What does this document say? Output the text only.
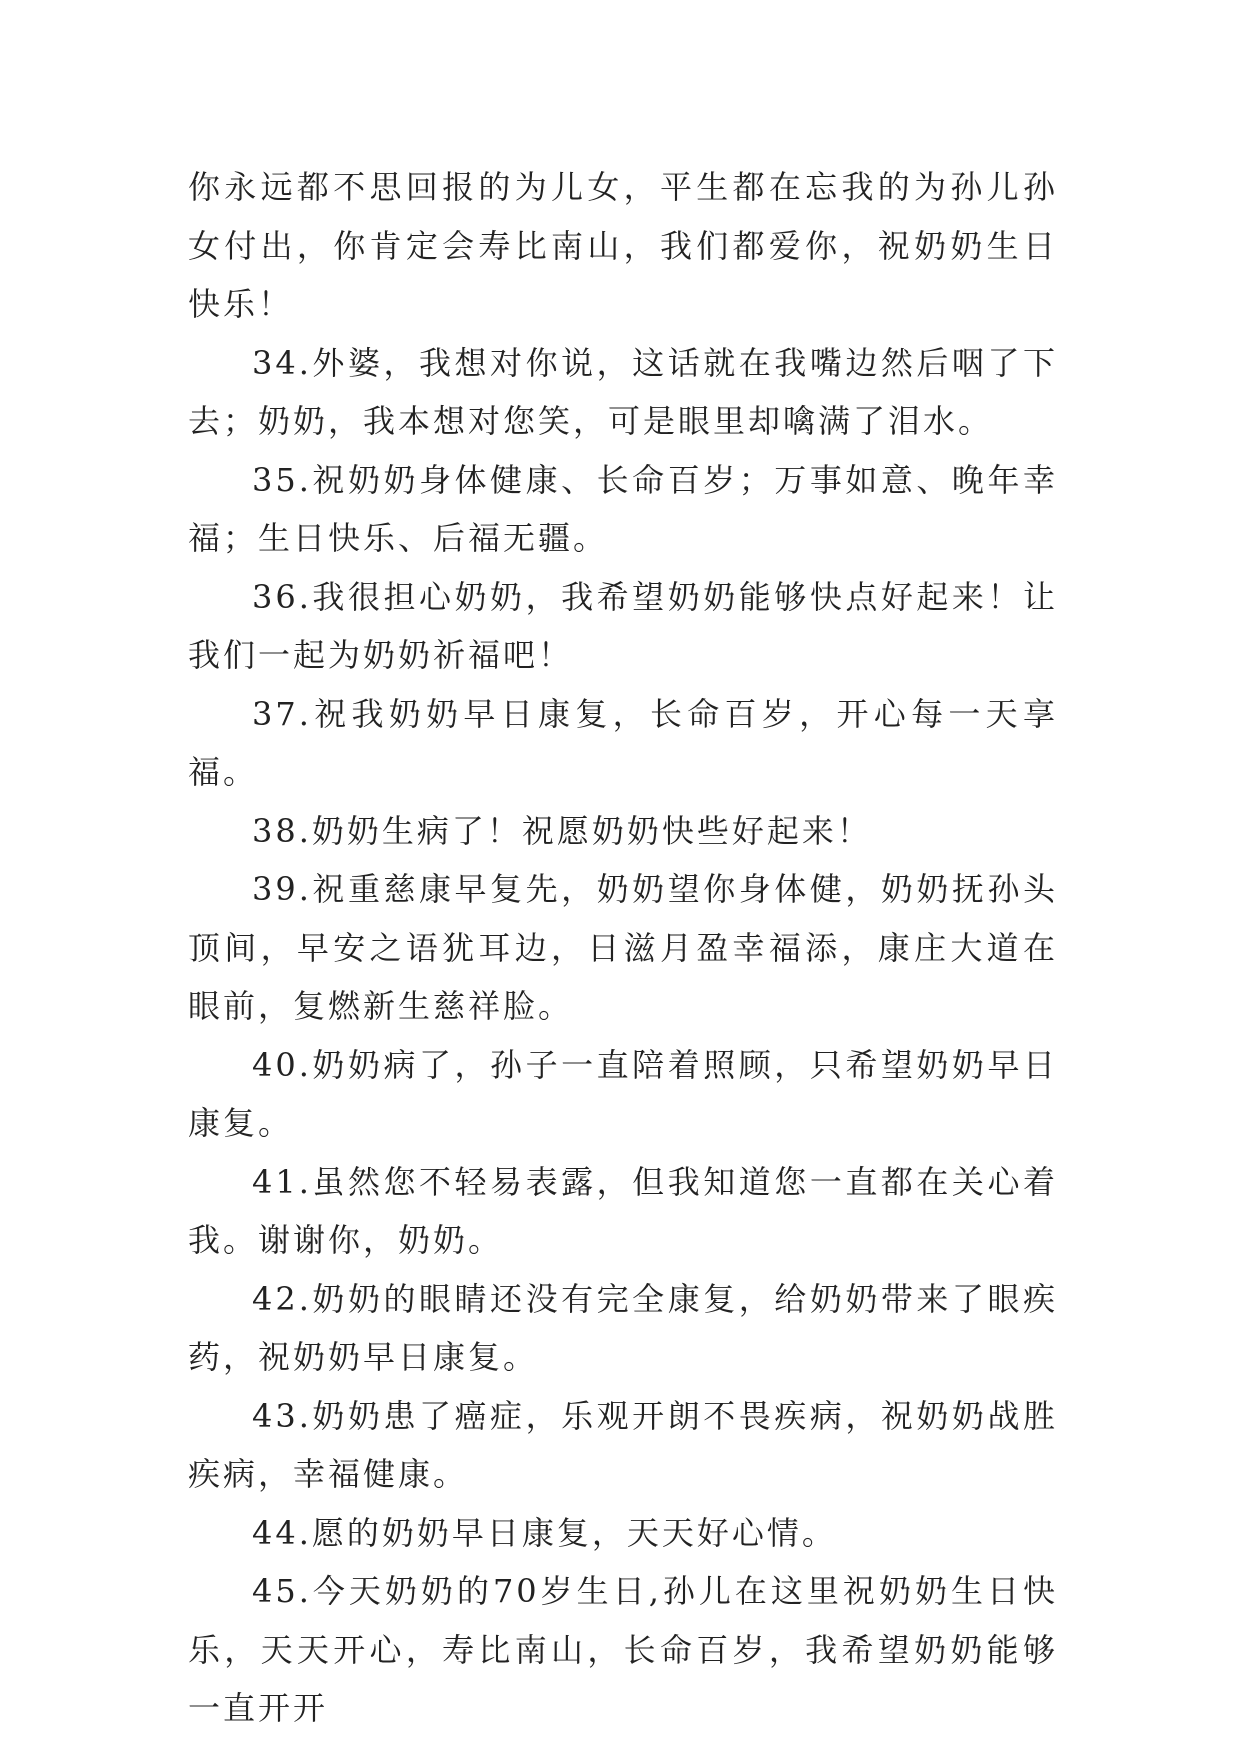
你永远都不思回报的为儿女，平生都在忘我的为孙儿孙女付出，你肯定会寿比南山，我们都爱你，祝奶奶生日快乐！

34.外婆，我想对你说，这话就在我嘴边然后咽了下去；奶奶，我本想对您笑，可是眼里却噙满了泪水。

35.祝奶奶身体健康、长命百岁；万事如意、晚年幸福；生日快乐、后福无疆。

36.我很担心奶奶，我希望奶奶能够快点好起来！让我们一起为奶奶祈福吧！

37.祝我奶奶早日康复，长命百岁，开心每一天享福。

38.奶奶生病了！祝愿奶奶快些好起来！

39.祝重慈康早复先，奶奶望你身体健，奶奶抚孙头顶间，早安之语犹耳边，日滋月盈幸福添，康庄大道在眼前，复燃新生慈祥脸。

40.奶奶病了，孙子一直陪着照顾，只希望奶奶早日康复。

41.虽然您不轻易表露，但我知道您一直都在关心着我。谢谢你，奶奶。

42.奶奶的眼睛还没有完全康复，给奶奶带来了眼疾药，祝奶奶早日康复。

43.奶奶患了癌症，乐观开朗不畏疾病，祝奶奶战胜疾病，幸福健康。

44.愿的奶奶早日康复，天天好心情。

45.今天奶奶的70岁生日,孙儿在这里祝奶奶生日快乐，天天开心，寿比南山，长命百岁，我希望奶奶能够一直开开
